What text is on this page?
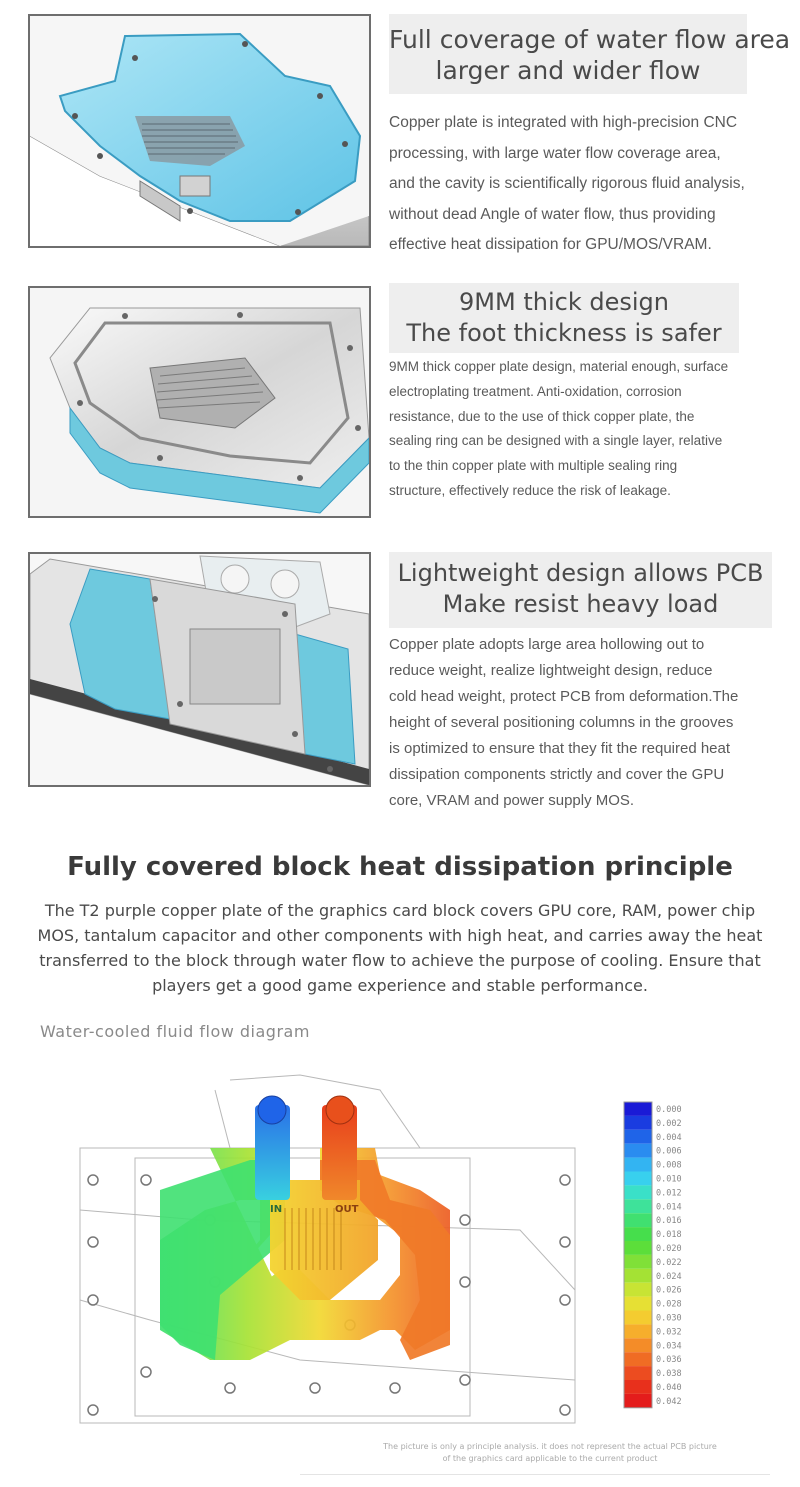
Full coverage of water flow area
larger and wider flow
Copper plate is integrated with high-precision CNC
processing, with large water flow coverage area,
and the cavity is scientifically rigorous fluid analysis,
without dead Angle of water flow, thus providing
effective heat dissipation for GPU/MOS/VRAM.
9MM thick design
The foot thickness is safer
9MM thick copper plate design, material enough, surface
electroplating treatment. Anti-oxidation, corrosion
resistance, due to the use of thick copper plate, the
sealing ring can be designed with a single layer, relative
to the thin copper plate with multiple sealing ring
structure, effectively reduce the risk of leakage.
Lightweight design allows PCB
Make resist heavy load
Copper plate adopts large area hollowing out to
reduce weight, realize lightweight design, reduce
cold head weight, protect PCB from deformation.The
height of several positioning columns in the grooves
is optimized to ensure that they fit the required heat
dissipation components strictly and cover the GPU
core, VRAM and power supply MOS.
Fully covered block heat dissipation principle
The T2 purple copper plate of the graphics card block covers GPU core, RAM, power chip
MOS, tantalum capacitor and other components with high heat, and carries away the heat
transferred to the block through water flow to achieve the purpose of cooling. Ensure that
players get a good game experience and stable performance.
Water-cooled fluid flow diagram
IN	OUT
0.000
0.002
0.004
0.006
0.008
0.010
0.012
0.014
0.016
0.018
0.020
0.022
0.024
0.026
0.028
0.030
0.032
0.034
0.036
0.038
0.040
0.042
The picture is only a principle analysis. it does not represent the actual PCB picture
of the graphics card applicable to the current product
